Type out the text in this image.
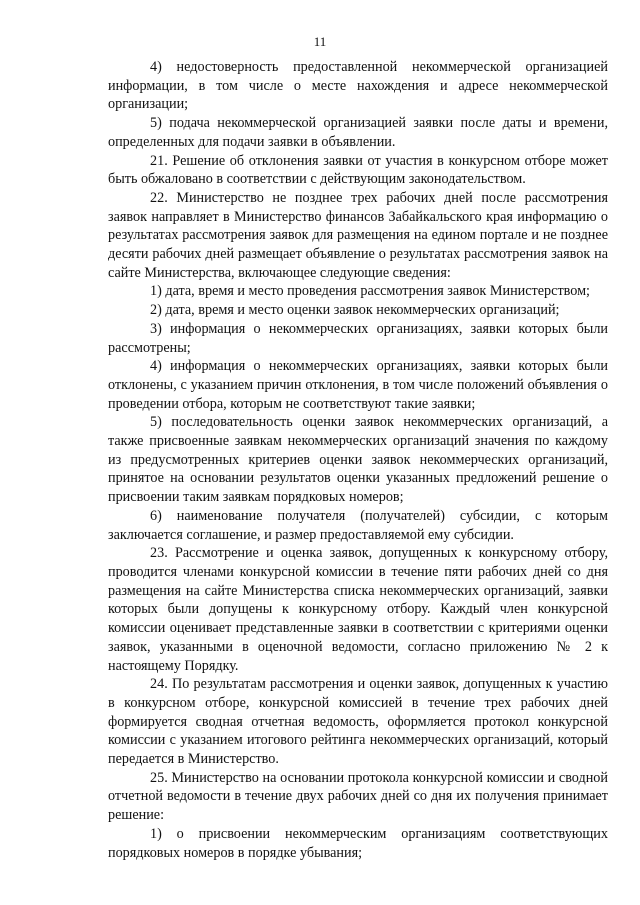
11

4) недостоверность предоставленной некоммерческой организацией информации, в том числе о месте нахождения и адресе некоммерческой организации;

5) подача некоммерческой организацией заявки после даты и времени, определенных для подачи заявки в объявлении.

21. Решение об отклонения заявки от участия в конкурсном отборе может быть обжаловано в соответствии с действующим законодательством.

22. Министерство не позднее трех рабочих дней после рассмотрения заявок направляет в Министерство финансов Забайкальского края информацию о результатах рассмотрения заявок для размещения на едином портале и не позднее десяти рабочих дней размещает объявление о результатах рассмотрения заявок на сайте Министерства, включающее следующие сведения:

1) дата, время и место проведения рассмотрения заявок Министерством;

2) дата, время и место оценки заявок некоммерческих организаций;

3) информация о некоммерческих организациях, заявки которых были рассмотрены;

4) информация о некоммерческих организациях, заявки которых были отклонены, с указанием причин отклонения, в том числе положений объявления о проведении отбора, которым не соответствуют такие заявки;

5) последовательность оценки заявок некоммерческих организаций, а также присвоенные заявкам некоммерческих организаций значения по каждому из предусмотренных критериев оценки заявок некоммерческих организаций, принятое на основании результатов оценки указанных предложений решение о присвоении таким заявкам порядковых номеров;

6) наименование получателя (получателей) субсидии, с которым заключается соглашение, и размер предоставляемой ему субсидии.

23. Рассмотрение и оценка заявок, допущенных к конкурсному отбору, проводится членами конкурсной комиссии в течение пяти рабочих дней со дня размещения на сайте Министерства списка некоммерческих организаций, заявки которых были допущены к конкурсному отбору. Каждый член конкурсной комиссии оценивает представленные заявки в соответствии с критериями оценки заявок, указанными в оценочной ведомости, согласно приложению № 2 к настоящему Порядку.

24. По результатам рассмотрения и оценки заявок, допущенных к участию в конкурсном отборе, конкурсной комиссией в течение трех рабочих дней формируется сводная отчетная ведомость, оформляется протокол конкурсной комиссии с указанием итогового рейтинга некоммерческих организаций, который передается в Министерство.

25. Министерство на основании протокола конкурсной комиссии и сводной отчетной ведомости в течение двух рабочих дней со дня их получения принимает решение:

1) о присвоении некоммерческим организациям соответствующих порядковых номеров в порядке убывания;
